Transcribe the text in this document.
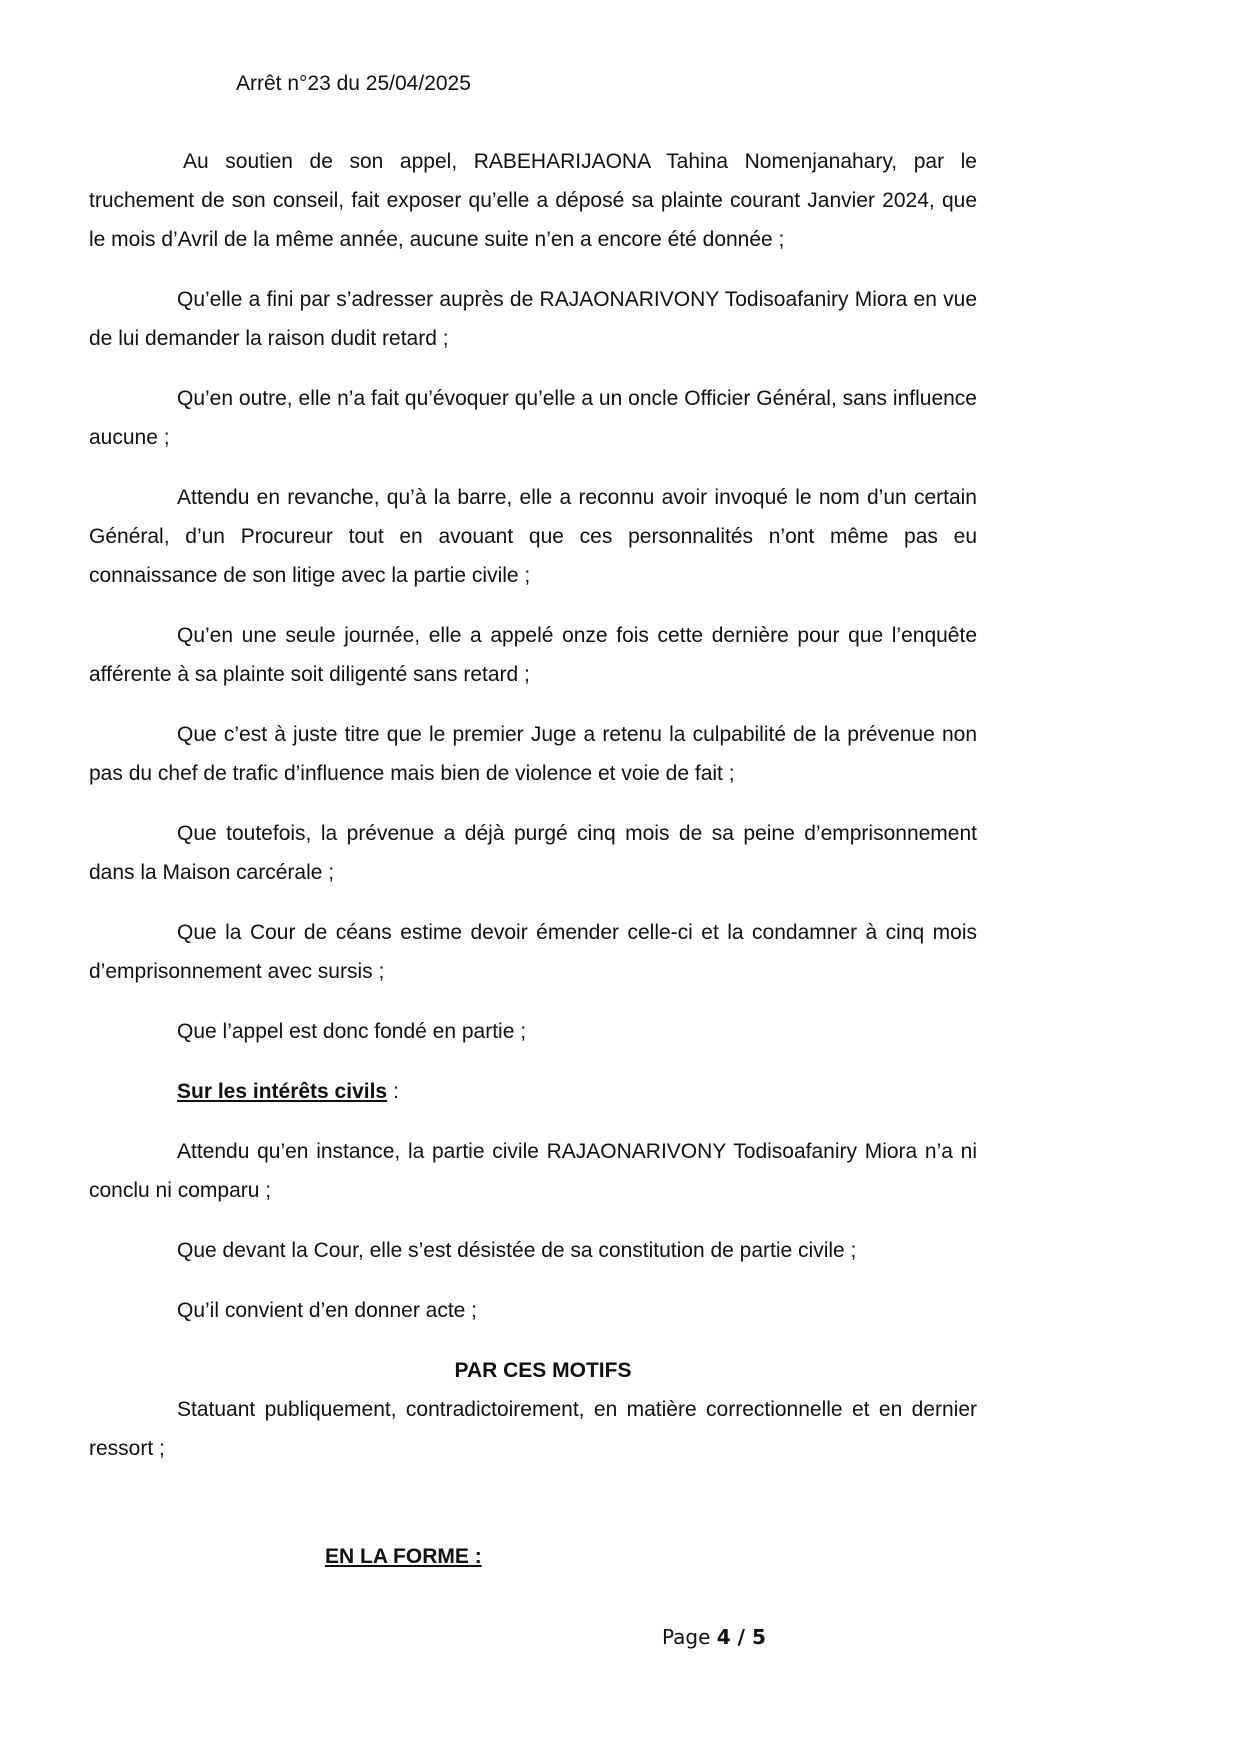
Arrêt n°23 du 25/04/2025

Au soutien de son appel, RABEHARIJAONA Tahina Nomenjanahary, par le truchement de son conseil, fait exposer qu’elle a déposé sa plainte courant Janvier 2024, que le mois d’Avril de la même année, aucune suite n’en a encore été donnée ;

Qu’elle a fini par s’adresser auprès de RAJAONARIVONY Todisoafaniry Miora en vue de lui demander la raison dudit retard ;

Qu’en outre, elle n’a fait qu’évoquer qu’elle a un oncle Officier Général, sans influence aucune ;

Attendu en revanche, qu’à la barre, elle a reconnu avoir invoqué le nom d’un certain Général, d’un Procureur tout en avouant que ces personnalités n’ont même pas eu connaissance de son litige avec la partie civile ;

Qu’en une seule journée, elle a appelé onze fois cette dernière pour que l’enquête afférente à sa plainte soit diligenté sans retard ;

Que c’est à juste titre que le premier Juge a retenu la culpabilité de la prévenue non pas du chef de trafic d’influence mais bien de violence et voie de fait ;

Que toutefois, la prévenue a déjà purgé cinq mois de sa peine d’emprisonnement dans la Maison carcérale ;

Que la Cour de céans estime devoir émender celle-ci et la condamner à cinq mois d’emprisonnement avec sursis ;

Que l’appel est donc fondé en partie ;

Sur les intérêts civils :

Attendu qu’en instance, la partie civile RAJAONARIVONY Todisoafaniry Miora n’a ni conclu ni comparu ;

Que devant la Cour, elle s’est désistée de sa constitution de partie civile ;

Qu’il convient d’en donner acte ;

PAR CES MOTIFS

Statuant publiquement, contradictoirement, en matière correctionnelle et en dernier ressort ;

EN LA FORME :
Page 4 / 5
